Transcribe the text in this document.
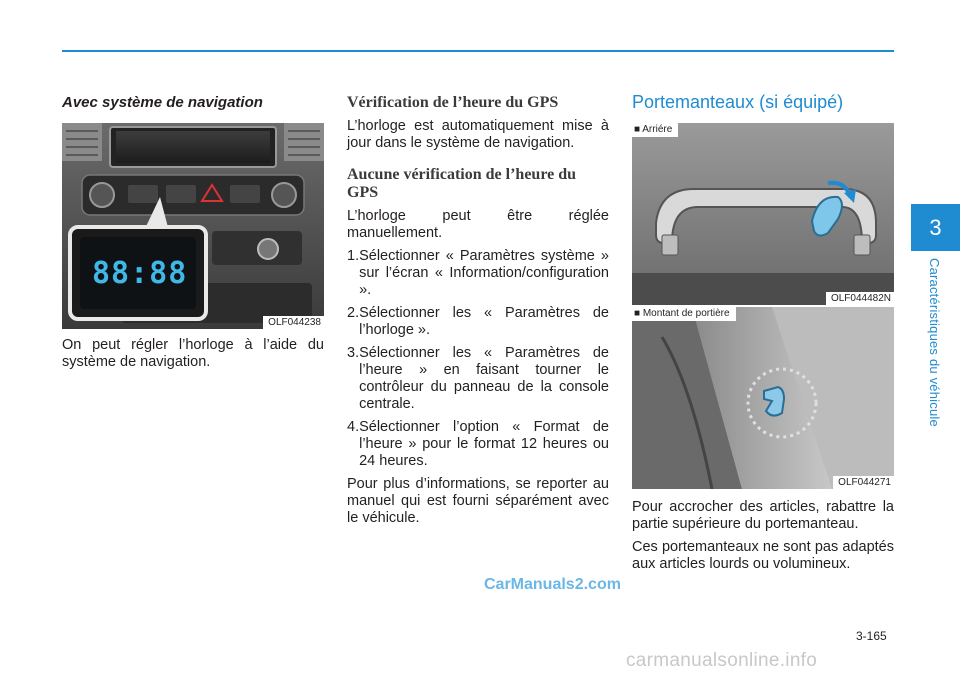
3
Caractéristiques du véhicule
Avec système de navigation
88:88
OLF044238
On peut régler l’horloge à l’aide du système de navigation.
Vérification de l’heure du GPS
L’horloge est automatiquement mise à jour dans le système de navigation.
Aucune vérification de l’heure du GPS
L’horloge peut être réglée manuellement.
1. Sélectionner « Paramètres système » sur l’écran « Information/configuration ».
2. Sélectionner les « Paramètres de l’horloge ».
3. Sélectionner les « Paramètres de l’heure » en faisant tourner le contrôleur du panneau de la console centrale.
4. Sélectionner l’option « Format de l’heure » pour le format 12 heures ou 24 heures.
Pour plus d’informations, se reporter au manuel qui est fourni séparément avec le véhicule.
Portemanteaux (si équipé)
■ Arriére
OLF044482N
■ Montant de portière
OLF044271
Pour accrocher des articles, rabattre la partie supérieure du portemanteau.
Ces portemanteaux ne sont pas adaptés aux articles lourds ou volumineux.
3-165
CarManuals2.com
carmanualsonline.info
